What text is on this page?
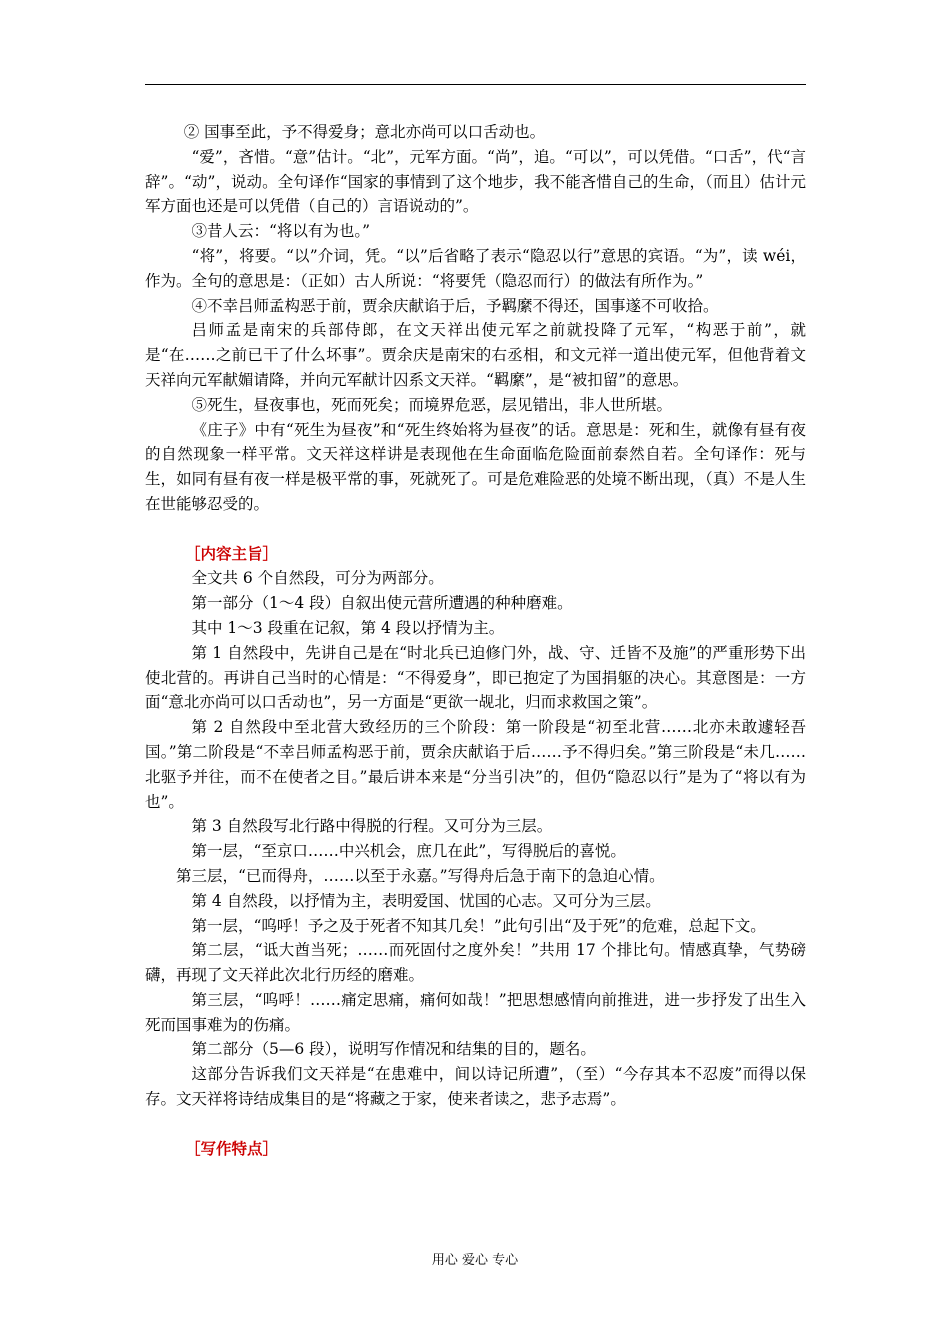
② 国事至此，予不得爱身；意北亦尚可以口舌动也。

“爱”，吝惜。“意”估计。“北”，元军方面。“尚”，追。“可以”，可以凭借。“口舌”，代“言辞”。“动”，说动。全句译作“国家的事情到了这个地步，我不能吝惜自己的生命，（而且）估计元军方面也还是可以凭借（自己的）言语说动的”。

③昔人云：“将以有为也。”

“将”，将要。“以”介词，凭。“以”后省略了表示“隐忍以行”意思的宾语。“为”，读 wéi，作为。全句的意思是：（正如）古人所说：“将要凭（隐忍而行）的做法有所作为。”

④不幸吕师孟构恶于前，贾余庆献谄于后，予羁縻不得还，国事遂不可收拾。

吕师孟是南宋的兵部侍郎，在文天祥出使元军之前就投降了元军，“构恶于前”，就是“在……之前已干了什么坏事”。贾余庆是南宋的右丞相，和文元祥一道出使元军，但他背着文天祥向元军献媚请降，并向元军献计囚系文天祥。“羁縻”，是“被扣留”的意思。

⑤死生，昼夜事也，死而死矣；而境界危恶，层见错出，非人世所堪。

《庄子》中有“死生为昼夜”和“死生终始将为昼夜”的话。意思是：死和生，就像有昼有夜的自然现象一样平常。文天祥这样讲是表现他在生命面临危险面前泰然自若。全句译作：死与生，如同有昼有夜一样是极平常的事，死就死了。可是危难险恶的处境不断出现，（真）不是人生在世能够忍受的。

［内容主旨］

全文共 6 个自然段，可分为两部分。

第一部分（1～4 段）自叙出使元营所遭遇的种种磨难。

其中 1～3 段重在记叙，第 4 段以抒情为主。

第 1 自然段中，先讲自己是在“时北兵已迫修门外，战、守、迁皆不及施”的严重形势下出使北营的。再讲自己当时的心情是：“不得爱身”，即已抱定了为国捐躯的决心。其意图是：一方面“意北亦尚可以口舌动也”，另一方面是“更欲一觇北，归而求救国之策”。

第 2 自然段中至北营大致经历的三个阶段：第一阶段是“初至北营……北亦未敢遽轻吾国。”第二阶段是“不幸吕师孟构恶于前，贾余庆献谄于后……予不得归矣。”第三阶段是“未几……北驱予并往，而不在使者之目。”最后讲本来是“分当引决”的，但仍“隐忍以行”是为了“将以有为也”。

第 3 自然段写北行路中得脱的行程。又可分为三层。

第一层，“至京口……中兴机会，庶几在此”，写得脱后的喜悦。

第三层，“已而得舟，……以至于永嘉。”写得舟后急于南下的急迫心情。

第 4 自然段，以抒情为主，表明爱国、忧国的心志。又可分为三层。

第一层，“呜呼！予之及于死者不知其几矣！”此句引出“及于死”的危难，总起下文。

第二层，“诋大酋当死；……而死固付之度外矣！”共用 17 个排比句。情感真挚，气势磅礴，再现了文天祥此次北行历经的磨难。

第三层，“呜呼！……痛定思痛，痛何如哉！”把思想感情向前推进，进一步抒发了出生入死而国事难为的伤痛。

第二部分（5—6 段），说明写作情况和结集的目的，题名。

这部分告诉我们文天祥是“在患难中，间以诗记所遭”，（至）“今存其本不忍废”而得以保存。文天祥将诗结成集目的是“将藏之于家，使来者读之，悲予志焉”。

［写作特点］

用心 爱心 专心
